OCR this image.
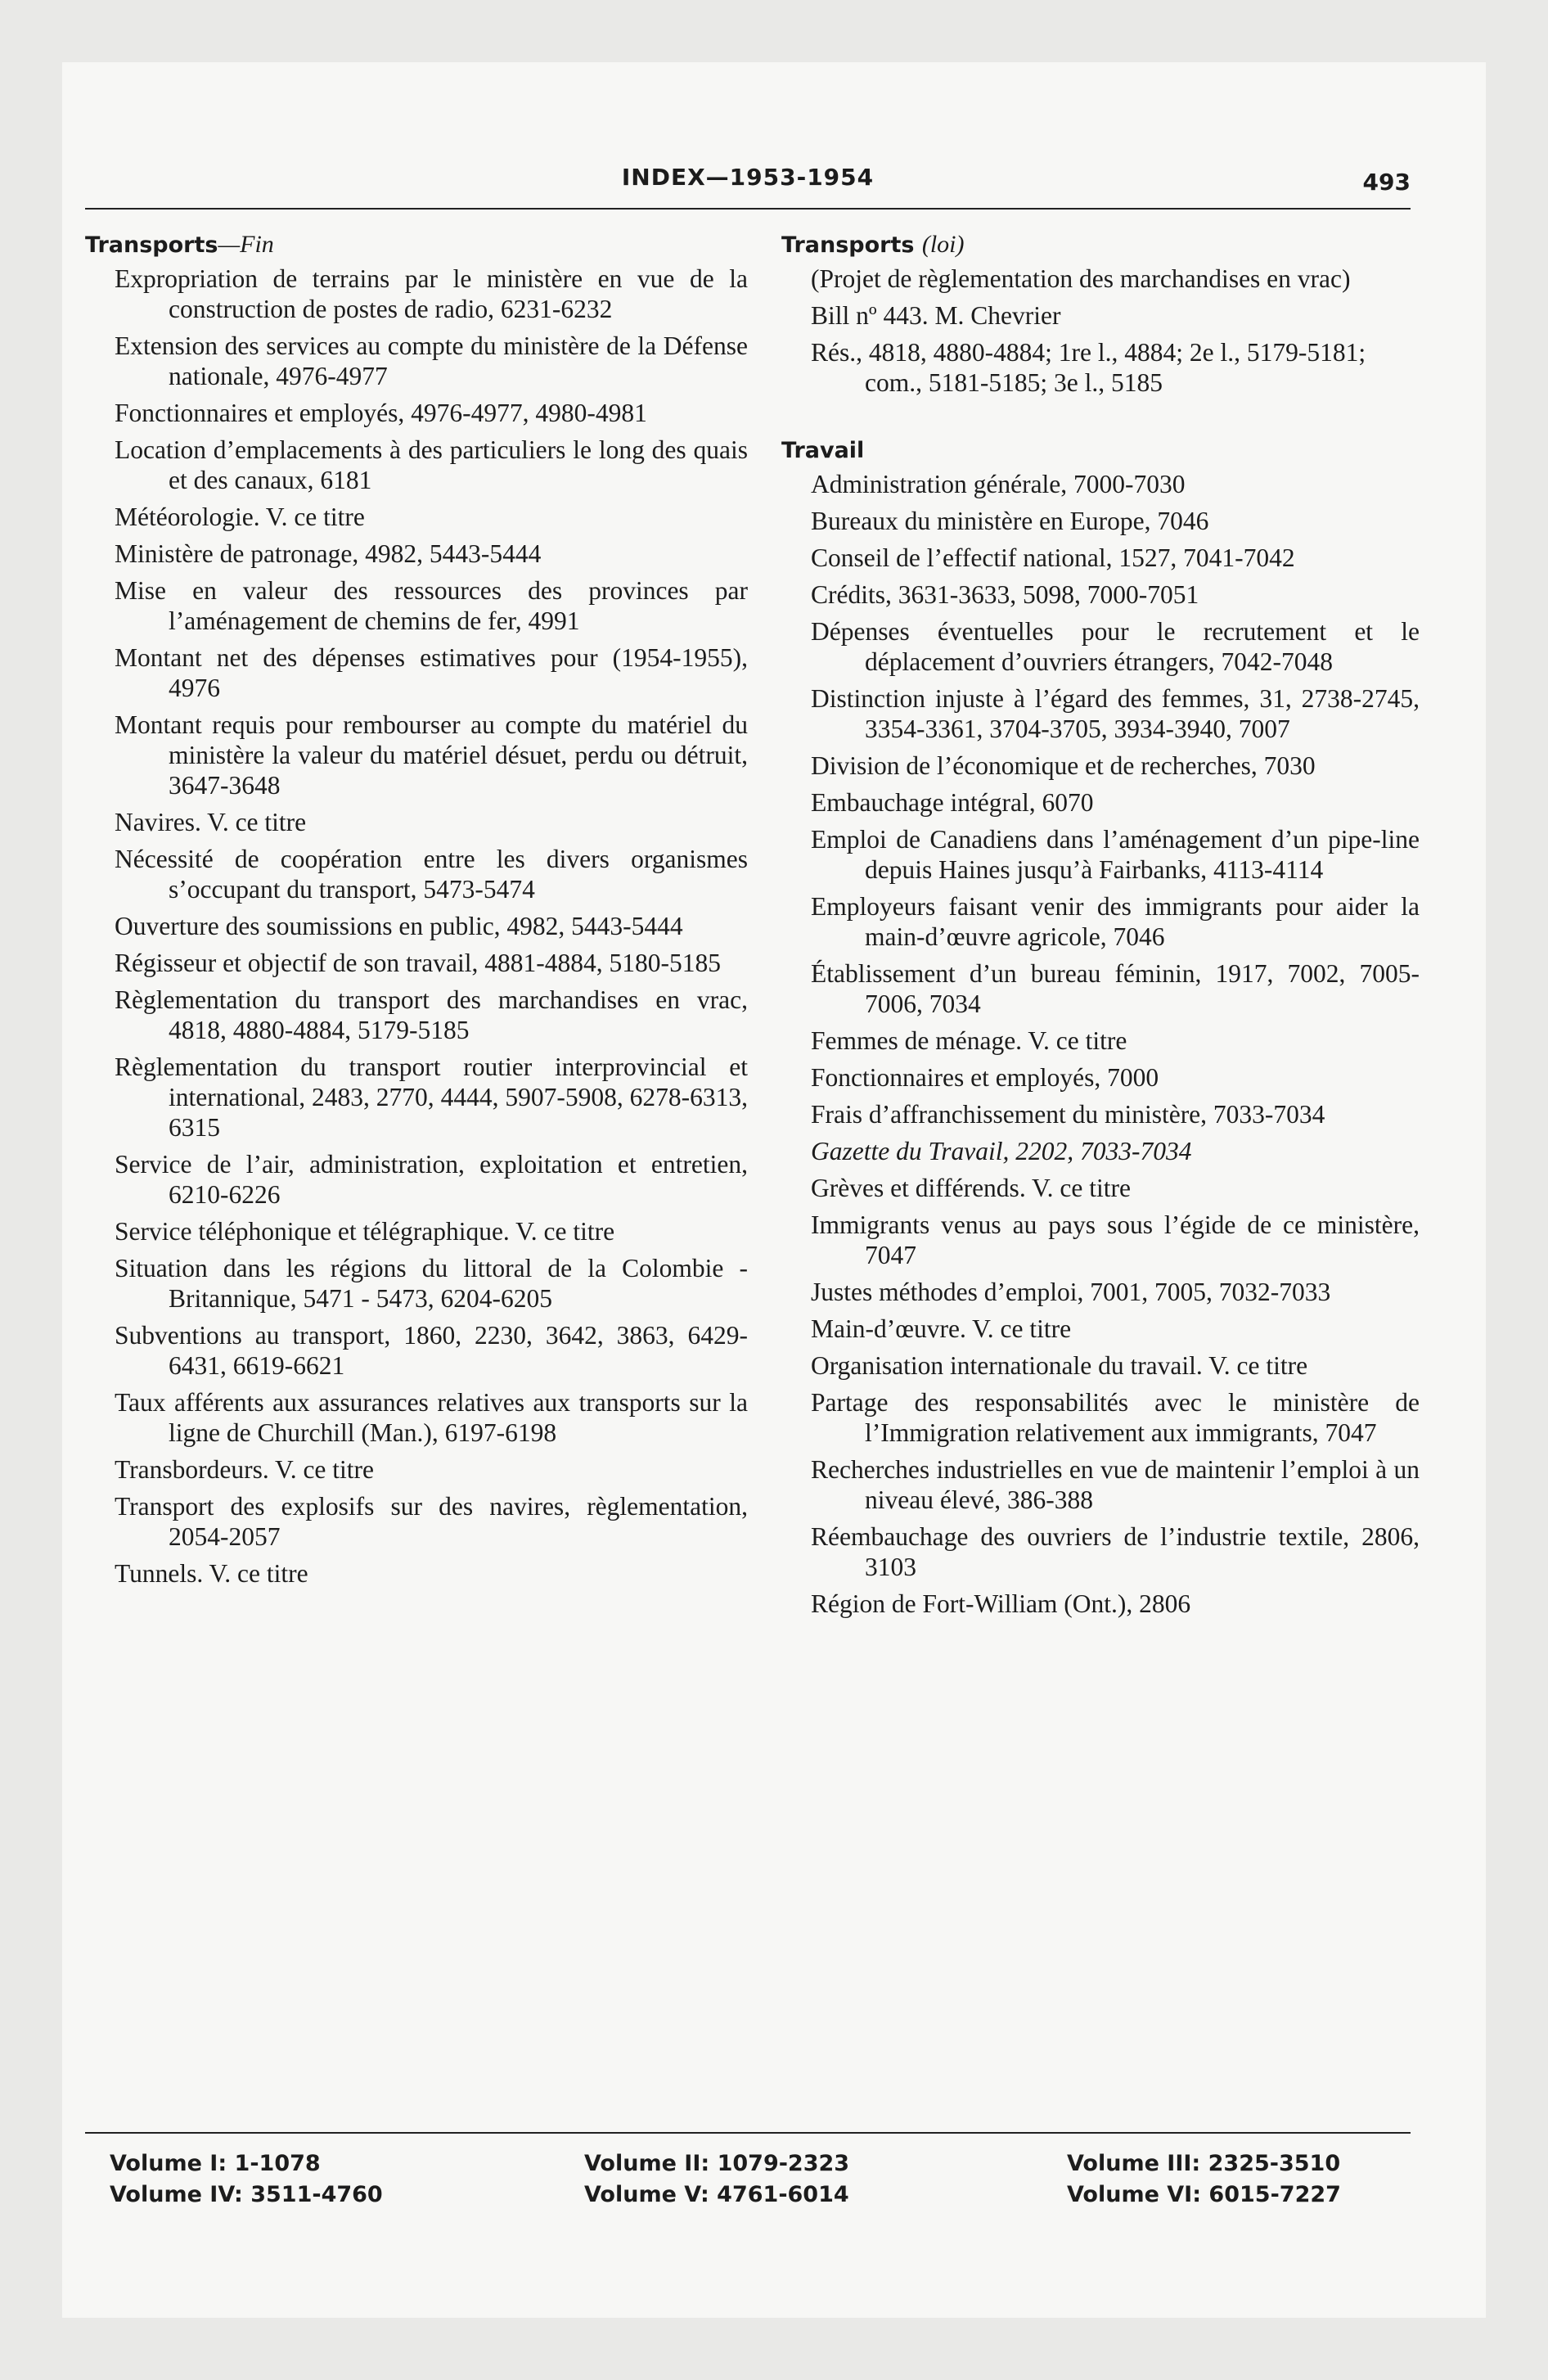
INDEX—1953-1954	493
Transports—Fin
Expropriation de terrains par le ministère en vue de la construction de postes de radio, 6231-6232
Extension des services au compte du ministère de la Défense nationale, 4976-4977
Fonctionnaires et employés, 4976-4977, 4980-4981
Location d’emplacements à des particuliers le long des quais et des canaux, 6181
Météorologie. V. ce titre
Ministère de patronage, 4982, 5443-5444
Mise en valeur des ressources des provinces par l’aménagement de chemins de fer, 4991
Montant net des dépenses estimatives pour (1954-1955), 4976
Montant requis pour rembourser au compte du matériel du ministère la valeur du matériel désuet, perdu ou détruit, 3647-3648
Navires. V. ce titre
Nécessité de coopération entre les divers organismes s’occupant du transport, 5473-5474
Ouverture des soumissions en public, 4982, 5443-5444
Régisseur et objectif de son travail, 4881-4884, 5180-5185
Règlementation du transport des marchandises en vrac, 4818, 4880-4884, 5179-5185
Règlementation du transport routier interprovincial et international, 2483, 2770, 4444, 5907-5908, 6278-6313, 6315
Service de l’air, administration, exploitation et entretien, 6210-6226
Service téléphonique et télégraphique. V. ce titre
Situation dans les régions du littoral de la Colombie - Britannique, 5471 - 5473, 6204-6205
Subventions au transport, 1860, 2230, 3642, 3863, 6429-6431, 6619-6621
Taux afférents aux assurances relatives aux transports sur la ligne de Churchill (Man.), 6197-6198
Transbordeurs. V. ce titre
Transport des explosifs sur des navires, règlementation, 2054-2057
Tunnels. V. ce titre
Transports (loi)
(Projet de règlementation des marchandises en vrac)
Bill nº 443. M. Chevrier
Rés., 4818, 4880-4884; 1re l., 4884; 2e l., 5179-5181; com., 5181-5185; 3e l., 5185
Travail
Administration générale, 7000-7030
Bureaux du ministère en Europe, 7046
Conseil de l’effectif national, 1527, 7041-7042
Crédits, 3631-3633, 5098, 7000-7051
Dépenses éventuelles pour le recrutement et le déplacement d’ouvriers étrangers, 7042-7048
Distinction injuste à l’égard des femmes, 31, 2738-2745, 3354-3361, 3704-3705, 3934-3940, 7007
Division de l’économique et de recherches, 7030
Embauchage intégral, 6070
Emploi de Canadiens dans l’aménagement d’un pipe-line depuis Haines jusqu’à Fairbanks, 4113-4114
Employeurs faisant venir des immigrants pour aider la main-d’œuvre agricole, 7046
Établissement d’un bureau féminin, 1917, 7002, 7005-7006, 7034
Femmes de ménage. V. ce titre
Fonctionnaires et employés, 7000
Frais d’affranchissement du ministère, 7033-7034
Gazette du Travail, 2202, 7033-7034
Grèves et différends. V. ce titre
Immigrants venus au pays sous l’égide de ce ministère, 7047
Justes méthodes d’emploi, 7001, 7005, 7032-7033
Main-d’œuvre. V. ce titre
Organisation internationale du travail. V. ce titre
Partage des responsabilités avec le ministère de l’Immigration relativement aux immigrants, 7047
Recherches industrielles en vue de maintenir l’emploi à un niveau élevé, 386-388
Réembauchage des ouvriers de l’industrie textile, 2806, 3103
Région de Fort-William (Ont.), 2806
Volume I: 1-1078
Volume IV: 3511-4760
Volume II: 1079-2323
Volume V: 4761-6014
Volume III: 2325-3510
Volume VI: 6015-7227
